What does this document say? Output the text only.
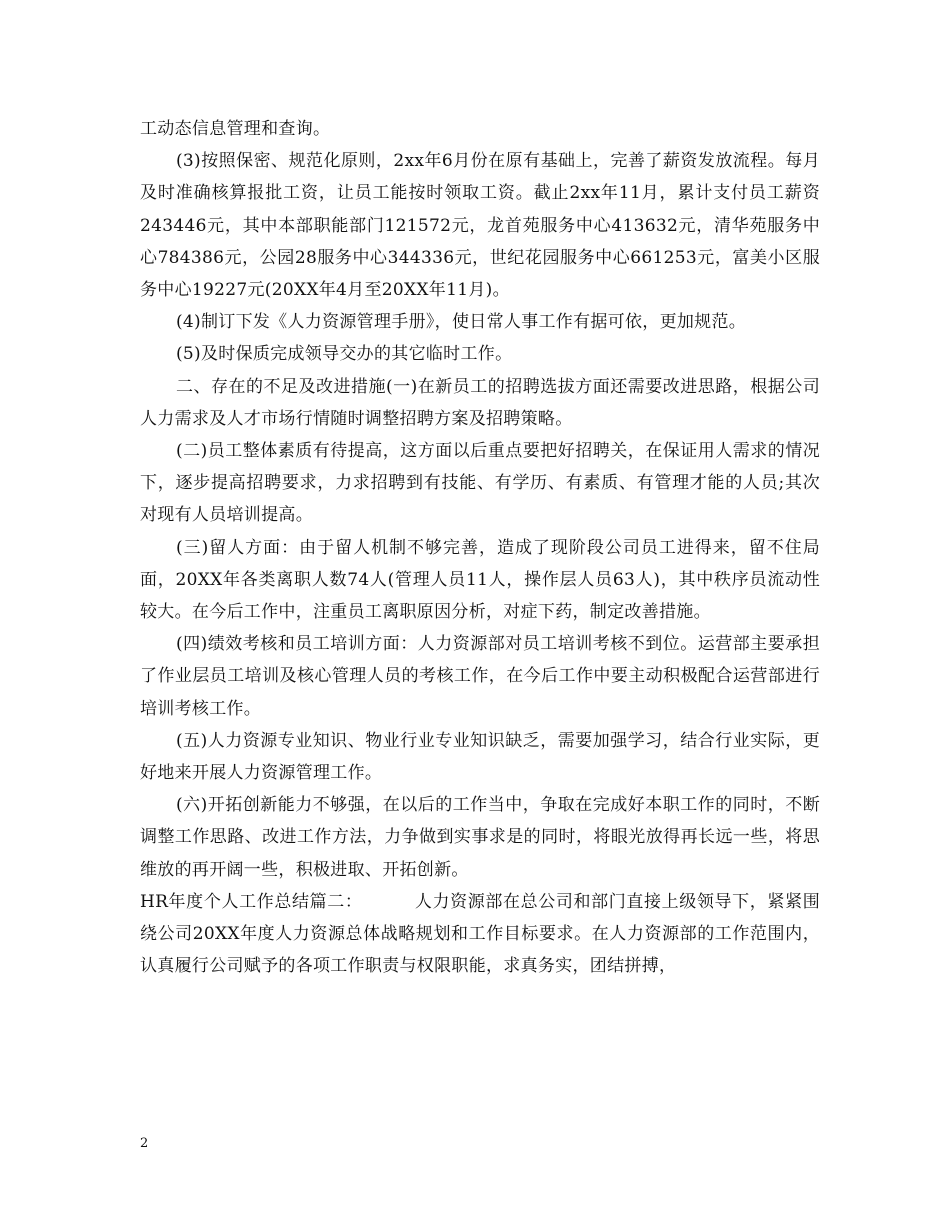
工动态信息管理和查询。

(3)按照保密、规范化原则，2xx年6月份在原有基础上，完善了薪资发放流程。每月及时准确核算报批工资，让员工能按时领取工资。截止2xx年11月，累计支付员工薪资243446元，其中本部职能部门121572元，龙首苑服务中心413632元，清华苑服务中心784386元，公园28服务中心344336元，世纪花园服务中心661253元，富美小区服务中心19227元(20XX年4月至20XX年11月)。

(4)制订下发《人力资源管理手册》，使日常人事工作有据可依，更加规范。

(5)及时保质完成领导交办的其它临时工作。

二、存在的不足及改进措施(一)在新员工的招聘选拔方面还需要改进思路，根据公司人力需求及人才市场行情随时调整招聘方案及招聘策略。

(二)员工整体素质有待提高，这方面以后重点要把好招聘关，在保证用人需求的情况下，逐步提高招聘要求，力求招聘到有技能、有学历、有素质、有管理才能的人员;其次对现有人员培训提高。

(三)留人方面：由于留人机制不够完善，造成了现阶段公司员工进得来，留不住局面，20XX年各类离职人数74人(管理人员11人，操作层人员63人)，其中秩序员流动性较大。在今后工作中，注重员工离职原因分析，对症下药，制定改善措施。

(四)绩效考核和员工培训方面：人力资源部对员工培训考核不到位。运营部主要承担了作业层员工培训及核心管理人员的考核工作，在今后工作中要主动积极配合运营部进行培训考核工作。

(五)人力资源专业知识、物业行业专业知识缺乏，需要加强学习，结合行业实际，更好地来开展人力资源管理工作。

(六)开拓创新能力不够强，在以后的工作当中，争取在完成好本职工作的同时，不断调整工作思路、改进工作方法，力争做到实事求是的同时，将眼光放得再长远一些，将思维放的再开阔一些，积极进取、开拓创新。

HR年度个人工作总结篇二：	人力资源部在总公司和部门直接上级领导下，紧紧围绕公司20XX年度人力资源总体战略规划和工作目标要求。在人力资源部的工作范围内，认真履行公司赋予的各项工作职责与权限职能，求真务实，团结拼搏，

2
